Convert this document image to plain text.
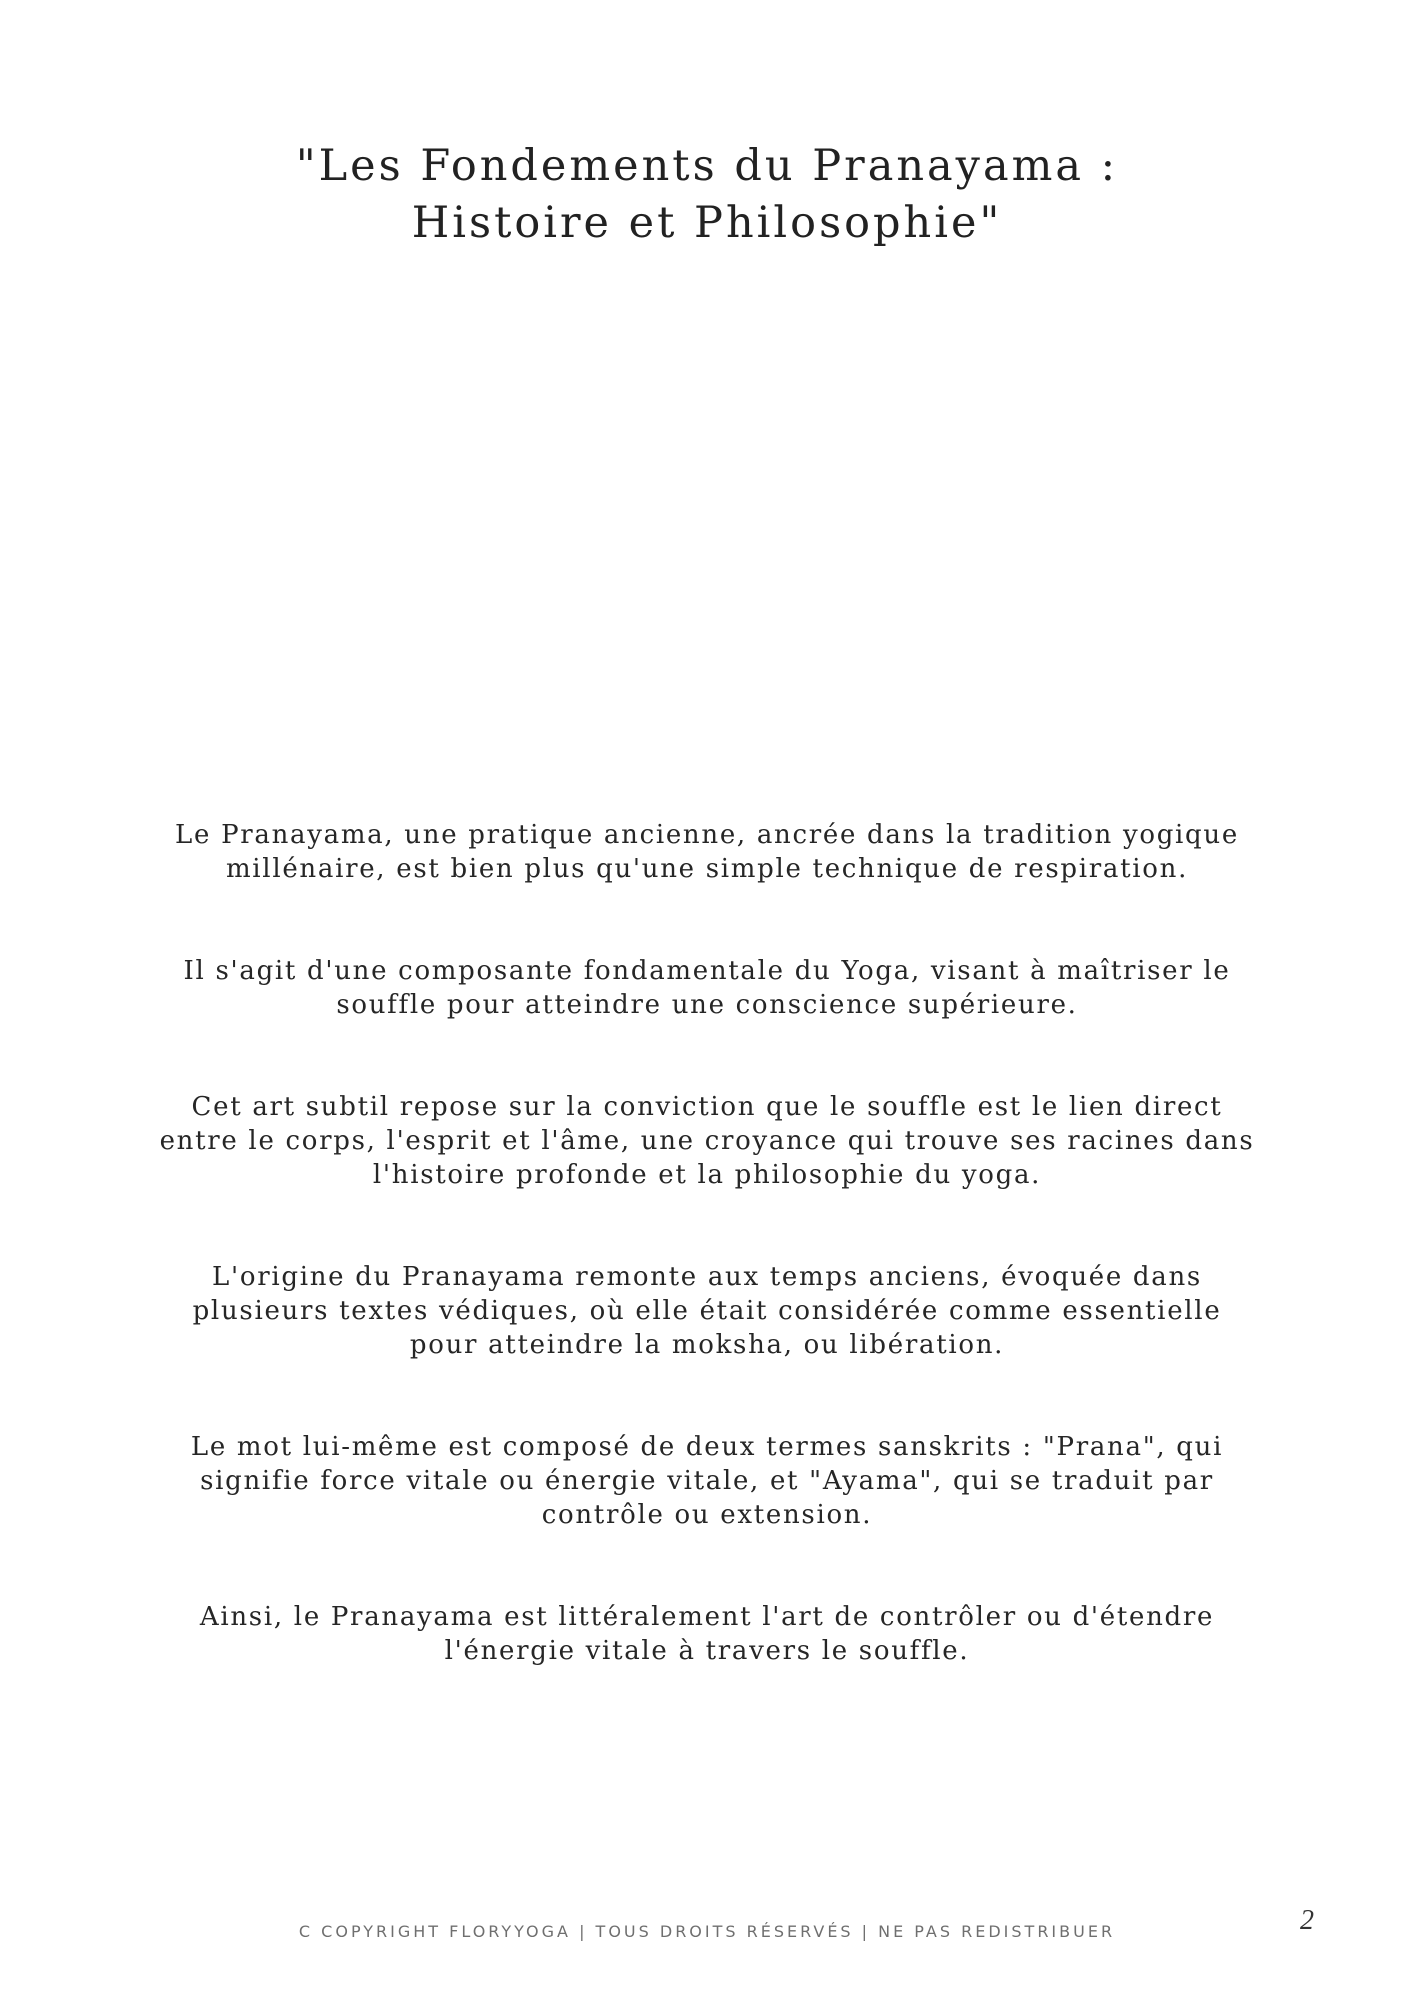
"Les Fondements du Pranayama :
Histoire et Philosophie"

Le Pranayama, une pratique ancienne, ancrée dans la tradition yogique
millénaire, est bien plus qu'une simple technique de respiration.

Il s'agit d'une composante fondamentale du Yoga, visant à maîtriser le
souffle pour atteindre une conscience supérieure.

Cet art subtil repose sur la conviction que le souffle est le lien direct
entre le corps, l'esprit et l'âme, une croyance qui trouve ses racines dans
l'histoire profonde et la philosophie du yoga.

L'origine du Pranayama remonte aux temps anciens, évoquée dans
plusieurs textes védiques, où elle était considérée comme essentielle
pour atteindre la moksha, ou libération.

Le mot lui-même est composé de deux termes sanskrits : "Prana", qui
signifie force vitale ou énergie vitale, et "Ayama", qui se traduit par
contrôle ou extension.

Ainsi, le Pranayama est littéralement l'art de contrôler ou d'étendre
l'énergie vitale à travers le souffle.

C COPYRIGHT FLORYYOGA | TOUS DROITS RÉSERVÉS | NE PAS REDISTRIBUER	2
